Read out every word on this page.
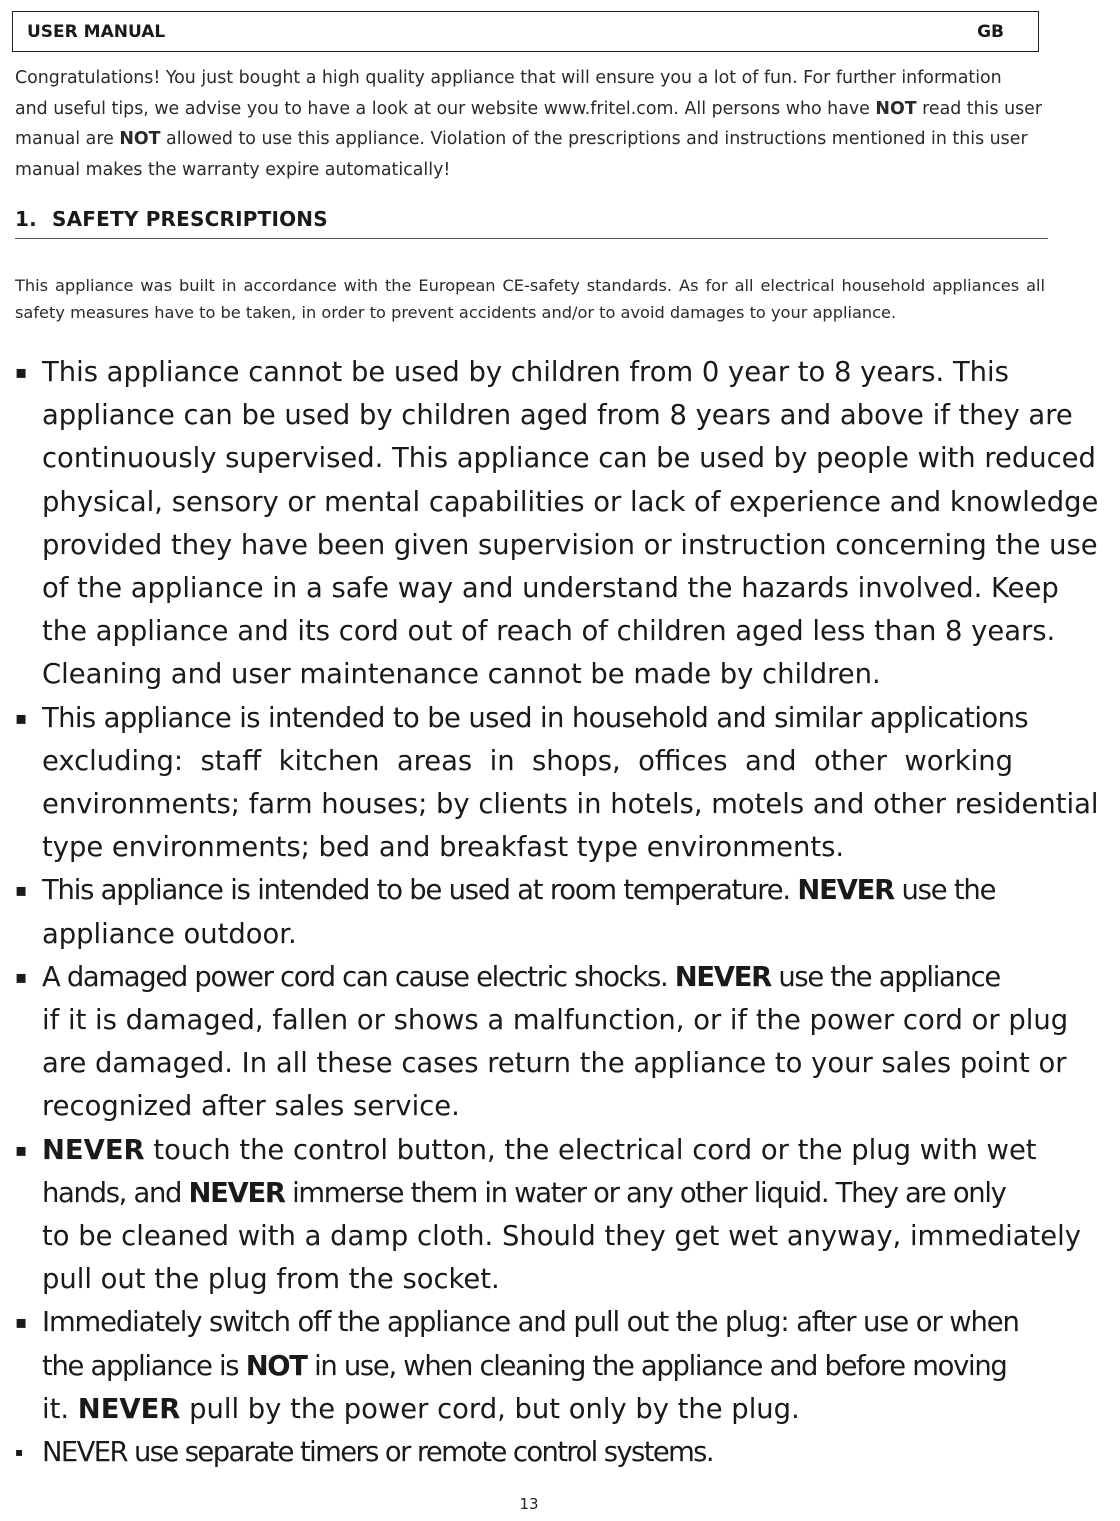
USER MANUAL	GB
Congratulations! You just bought a high quality appliance that will ensure you a lot of fun. For further information
and useful tips, we advise you to have a look at our website www.fritel.com. All persons who have NOT read this user
manual are NOT allowed to use this appliance. Violation of the prescriptions and instructions mentioned in this user
manual makes the warranty expire automatically!
1. SAFETY PRESCRIPTIONS
This appliance was built in accordance with the European CE-safety standards. As for all electrical household appliances all safety measures have to be taken, in order to prevent accidents and/or to avoid damages to your appliance.
▪ This appliance cannot be used by children from 0 year to 8 years. This
appliance can be used by children aged from 8 years and above if they are
continuously supervised. This appliance can be used by people with reduced
physical, sensory or mental capabilities or lack of experience and knowledge
provided they have been given supervision or instruction concerning the use
of the appliance in a safe way and understand the hazards involved. Keep
the appliance and its cord out of reach of children aged less than 8 years.
Cleaning and user maintenance cannot be made by children.
▪ This appliance is intended to be used in household and similar applications
excluding:  staff  kitchen  areas  in  shops,  offices  and  other  working
environments; farm houses; by clients in hotels, motels and other residential
type environments; bed and breakfast type environments.
▪ This appliance is intended to be used at room temperature. NEVER use the
appliance outdoor.
▪ A damaged power cord can cause electric shocks. NEVER use the appliance
if it is damaged, fallen or shows a malfunction, or if the power cord or plug
are damaged. In all these cases return the appliance to your sales point or
recognized after sales service.
▪ NEVER touch the control button, the electrical cord or the plug with wet
hands, and NEVER immerse them in water or any other liquid. They are only
to be cleaned with a damp cloth. Should they get wet anyway, immediately
pull out the plug from the socket.
▪ Immediately switch off the appliance and pull out the plug: after use or when
the appliance is NOT in use, when cleaning the appliance and before moving
it. NEVER pull by the power cord, but only by the plug.
▪ NEVER use separate timers or remote control systems.
13
